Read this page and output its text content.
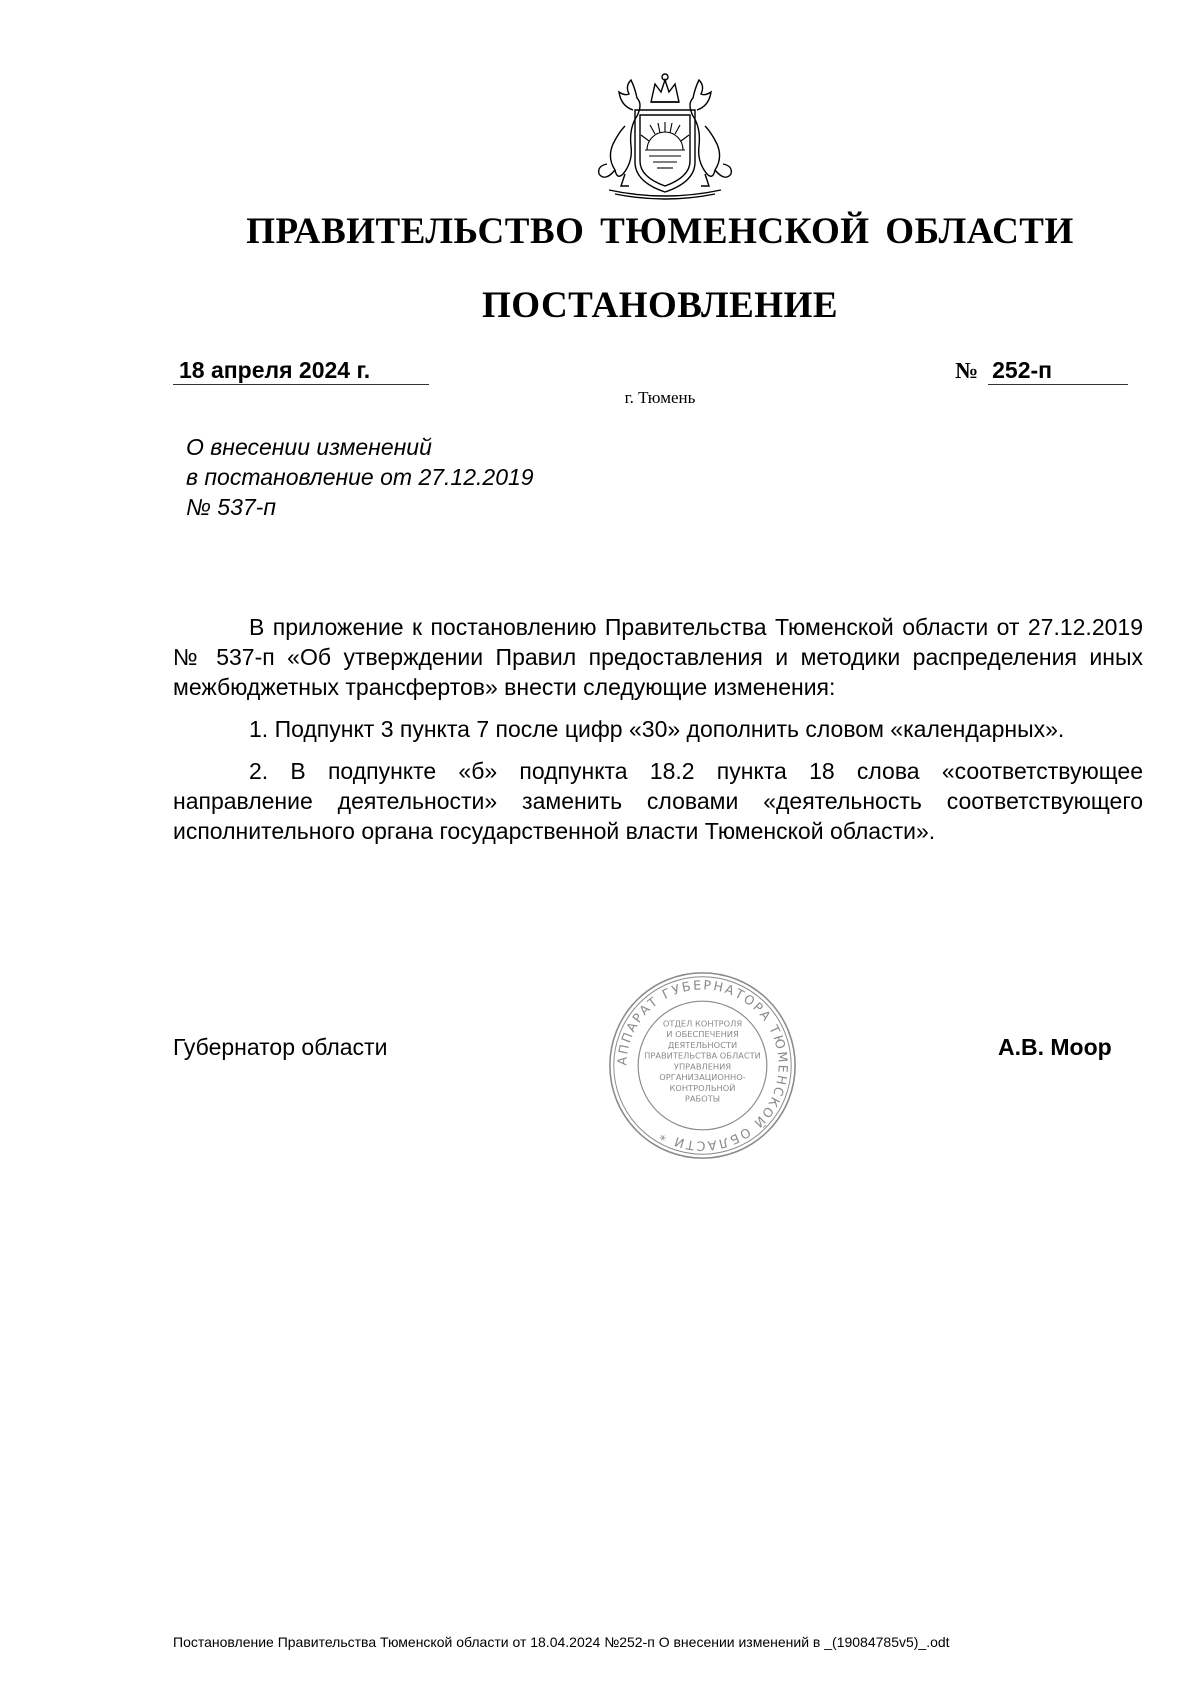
ПРАВИТЕЛЬСТВО ТЮМЕНСКОЙ ОБЛАСТИ
ПОСТАНОВЛЕНИЕ
18 апреля 2024 г.	№ 252-п
г. Тюмень
О внесении изменений
в постановление от 27.12.2019
№ 537-п

В приложение к постановлению Правительства Тюменской области от 27.12.2019 № 537-п «Об утверждении Правил предоставления и методики распределения иных межбюджетных трансфертов» внести следующие изменения:

1. Подпункт 3 пункта 7 после цифр «30» дополнить словом «календарных».

2. В подпункте «б» подпункта 18.2 пункта 18 слова «соответствующее направление деятельности» заменить словами «деятельность соответствующего исполнительного органа государственной власти Тюменской области».

Губернатор области	АППАРАТ ГУБЕРНАТОРА ТЮМЕНСКОЙ ОБЛАСТИ *
ОТДЕЛ КОНТРОЛЯ
И ОБЕСПЕЧЕНИЯ
ДЕЯТЕЛЬНОСТИ
ПРАВИТЕЛЬСТВА ОБЛАСТИ
УПРАВЛЕНИЯ
ОРГАНИЗАЦИОННО-
КОНТРОЛЬНОЙ
РАБОТЫ
А.В. Моор
Постановление Правительства Тюменской области от 18.04.2024 №252-п О внесении изменений в _(19084785v5)_.odt
